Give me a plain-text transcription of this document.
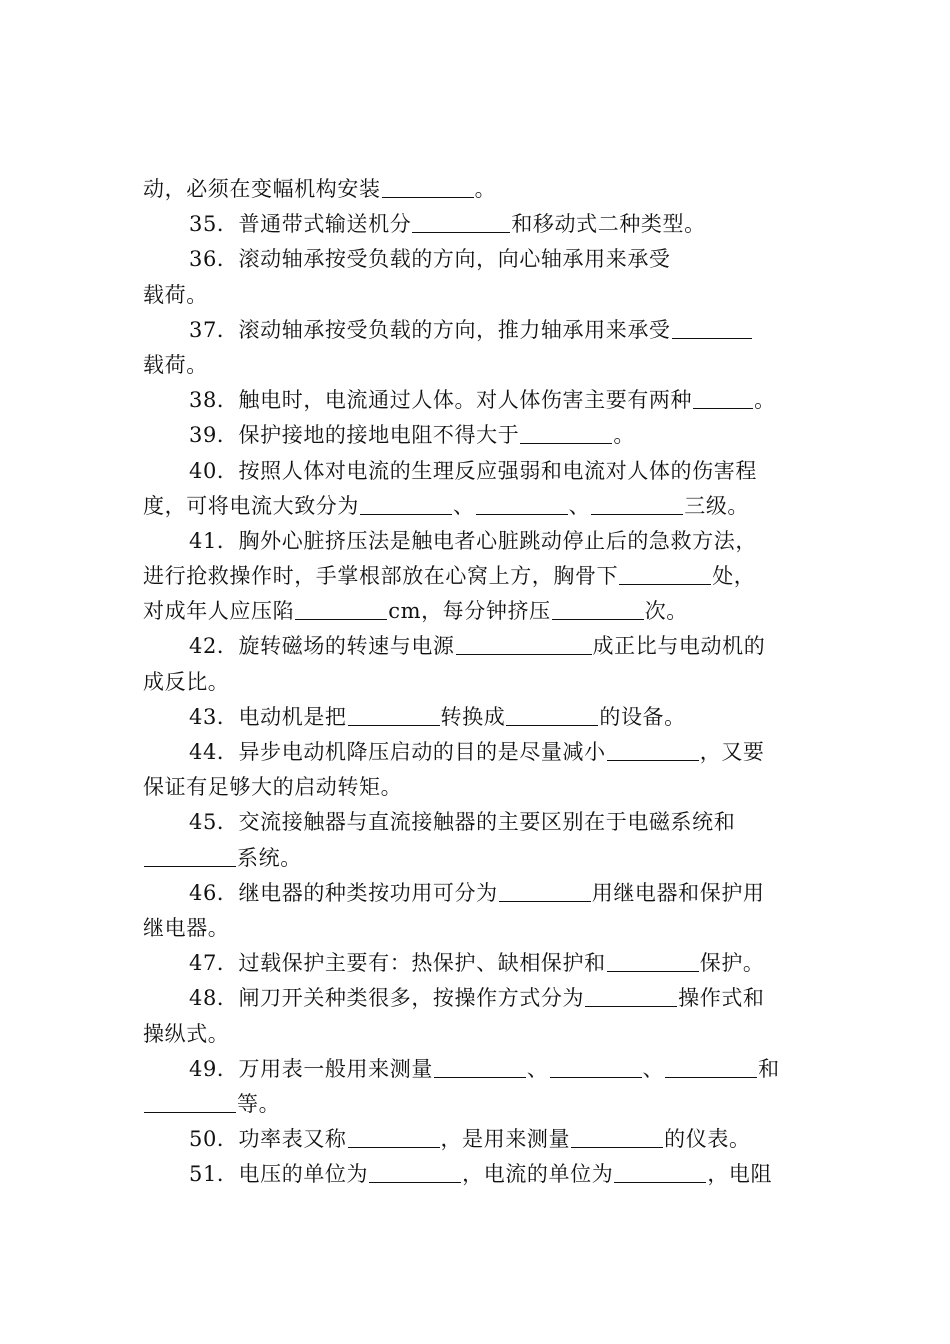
动，必须在变幅机构安装	。
35．普通带式输送机分	和移动式二种类型。
36．滚动轴承按受负载的方向，向心轴承用来承受
载荷。
37．滚动轴承按受负载的方向，推力轴承用来承受
载荷。
38．触电时，电流通过人体。对人体伤害主要有两种	。
39．保护接地的接地电阻不得大于	。
40．按照人体对电流的生理反应强弱和电流对人体的伤害程
度，可将电流大致分为	、	、	三级。
41．胸外心脏挤压法是触电者心脏跳动停止后的急救方法，
进行抢救操作时，手掌根部放在心窝上方，胸骨下	处，
对成年人应压陷	cm，每分钟挤压	次。
42．旋转磁场的转速与电源	成正比与电动机的
成反比。
43．电动机是把	转换成	的设备。
44．异步电动机降压启动的目的是尽量减小	，又要
保证有足够大的启动转矩。
45．交流接触器与直流接触器的主要区别在于电磁系统和
系统。
46．继电器的种类按功用可分为	用继电器和保护用
继电器。
47．过载保护主要有：热保护、缺相保护和	保护。
48．闸刀开关种类很多，按操作方式分为	操作式和
操纵式。
49．万用表一般用来测量	、	、	和
等。
50．功率表又称	，是用来测量	的仪表。
51．电压的单位为	，电流的单位为	，电阻
